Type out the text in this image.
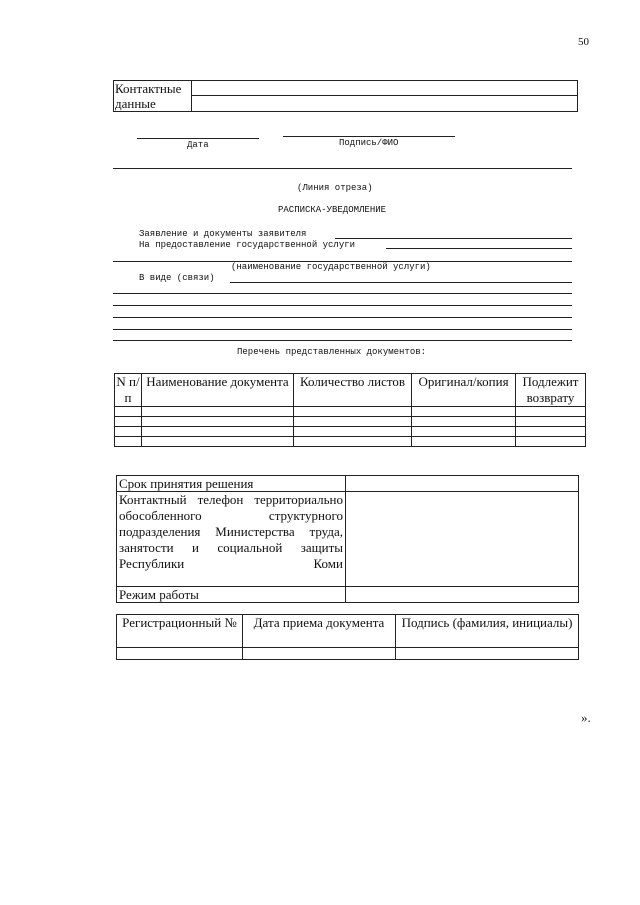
50
Контактные данные
Дата	Подпись/ФИО
(Линия отреза)
РАСПИСКА-УВЕДОМЛЕНИЕ
Заявление и документы заявителя
На предоставление государственной услуги
(наименование государственной услуги)
В виде (связи)
Перечень представленных документов:
N п/п	Наименование документа	Количество листов	Оригинал/копия	Подлежит возврату

Срок принятия решения	
Контактный телефон территориально обособленного структурного подразделения Министерства труда, занятости и социальной защиты Республики Коми	
Режим работы	
Регистрационный №	Дата приема документа	Подпись (фамилия, инициалы)

».
